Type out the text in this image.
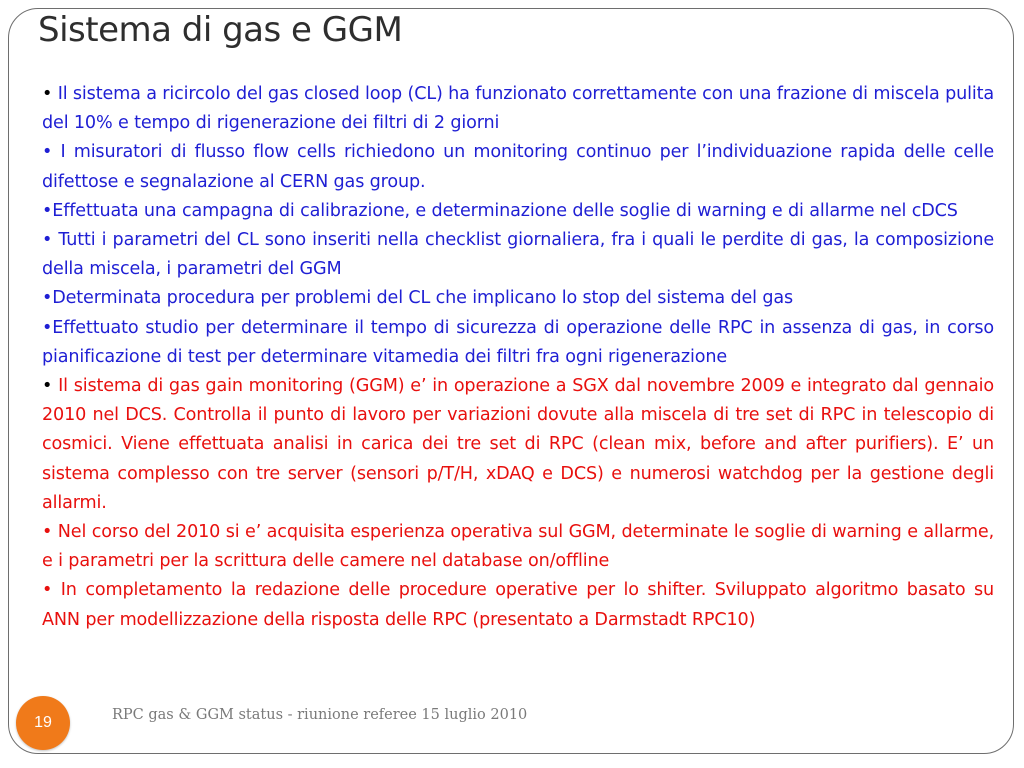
Sistema di gas e GGM

• Il sistema a ricircolo del gas closed loop (CL) ha funzionato correttamente con una frazione di miscela pulita del 10% e tempo di rigenerazione dei filtri di 2 giorni

• I misuratori di flusso flow cells richiedono un monitoring continuo per l’individuazione rapida delle celle difettose e segnalazione al CERN gas group.

•Effettuata una campagna di calibrazione, e determinazione delle soglie di warning e di allarme nel cDCS

• Tutti i parametri del CL sono inseriti nella checklist giornaliera, fra i quali le perdite di gas, la composizione della miscela, i parametri del GGM

•Determinata procedura per problemi del CL che implicano lo stop del sistema del gas

•Effettuato studio per determinare il tempo di sicurezza di operazione delle RPC in assenza di gas, in corso pianificazione di test per determinare vitamedia dei filtri fra ogni rigenerazione

• Il sistema di gas gain monitoring (GGM) e’ in operazione a SGX dal novembre 2009 e integrato dal gennaio 2010 nel DCS. Controlla il punto di lavoro per variazioni dovute alla miscela di tre set di RPC in telescopio di cosmici. Viene effettuata analisi in carica dei tre set di RPC (clean mix, before and after purifiers). E’ un sistema complesso con tre server (sensori p/T/H, xDAQ e DCS) e numerosi watchdog per la gestione degli allarmi.

• Nel corso del 2010 si e’ acquisita esperienza operativa sul GGM, determinate le soglie di warning e allarme, e i parametri per la scrittura delle camere nel database on/offline

• In completamento la redazione delle procedure operative per lo shifter. Sviluppato algoritmo basato su ANN per modellizzazione della risposta delle RPC (presentato a Darmstadt RPC10)

RPC gas & GGM status - riunione referee 15 luglio 2010
19
